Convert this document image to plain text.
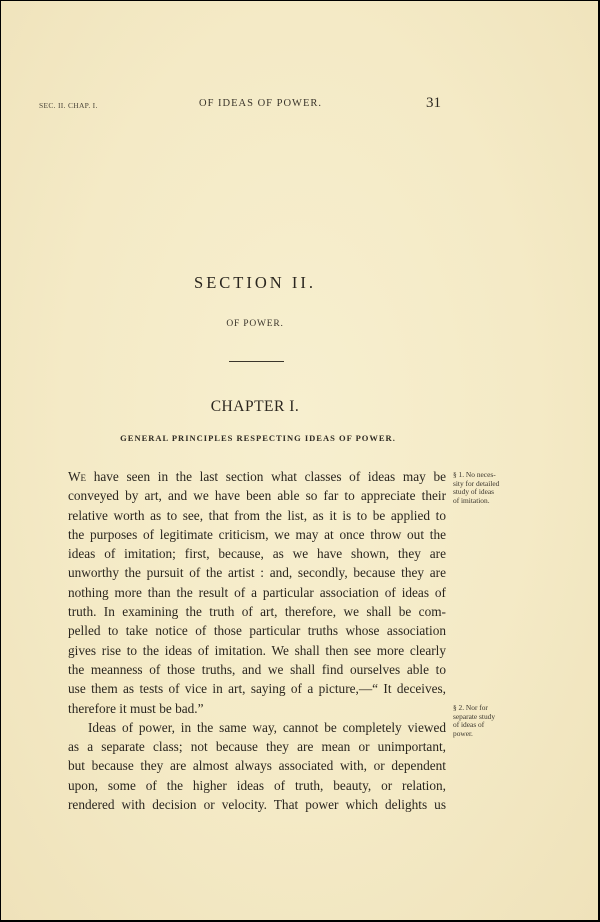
SEC. II. CHAP. I.	OF IDEAS OF POWER.	31
SECTION II.
OF POWER.
CHAPTER I.
GENERAL PRINCIPLES RESPECTING IDEAS OF POWER.
We have seen in the last section what classes of ideas may be
conveyed by art, and we have been able so far to appreciate their
relative worth as to see, that from the list, as it is to be applied to
the purposes of legitimate criticism, we may at once throw out the
ideas of imitation; first, because, as we have shown, they are
unworthy the pursuit of the artist : and, secondly, because they are
nothing more than the result of a particular association of ideas of
truth. In examining the truth of art, therefore, we shall be com-
pelled to take notice of those particular truths whose association
gives rise to the ideas of imitation. We shall then see more clearly
the meanness of those truths, and we shall find ourselves able to
use them as tests of vice in art, saying of a picture,—“ It deceives,
therefore it must be bad.”
Ideas of power, in the same way, cannot be completely viewed
as a separate class; not because they are mean or unimportant,
but because they are almost always associated with, or dependent
upon, some of the higher ideas of truth, beauty, or relation,
rendered with decision or velocity. That power which delights us
§ 1. No neces-
sity for detailed
study of ideas
of imitation.
§ 2. Nor for
separate study
of ideas of
power.
